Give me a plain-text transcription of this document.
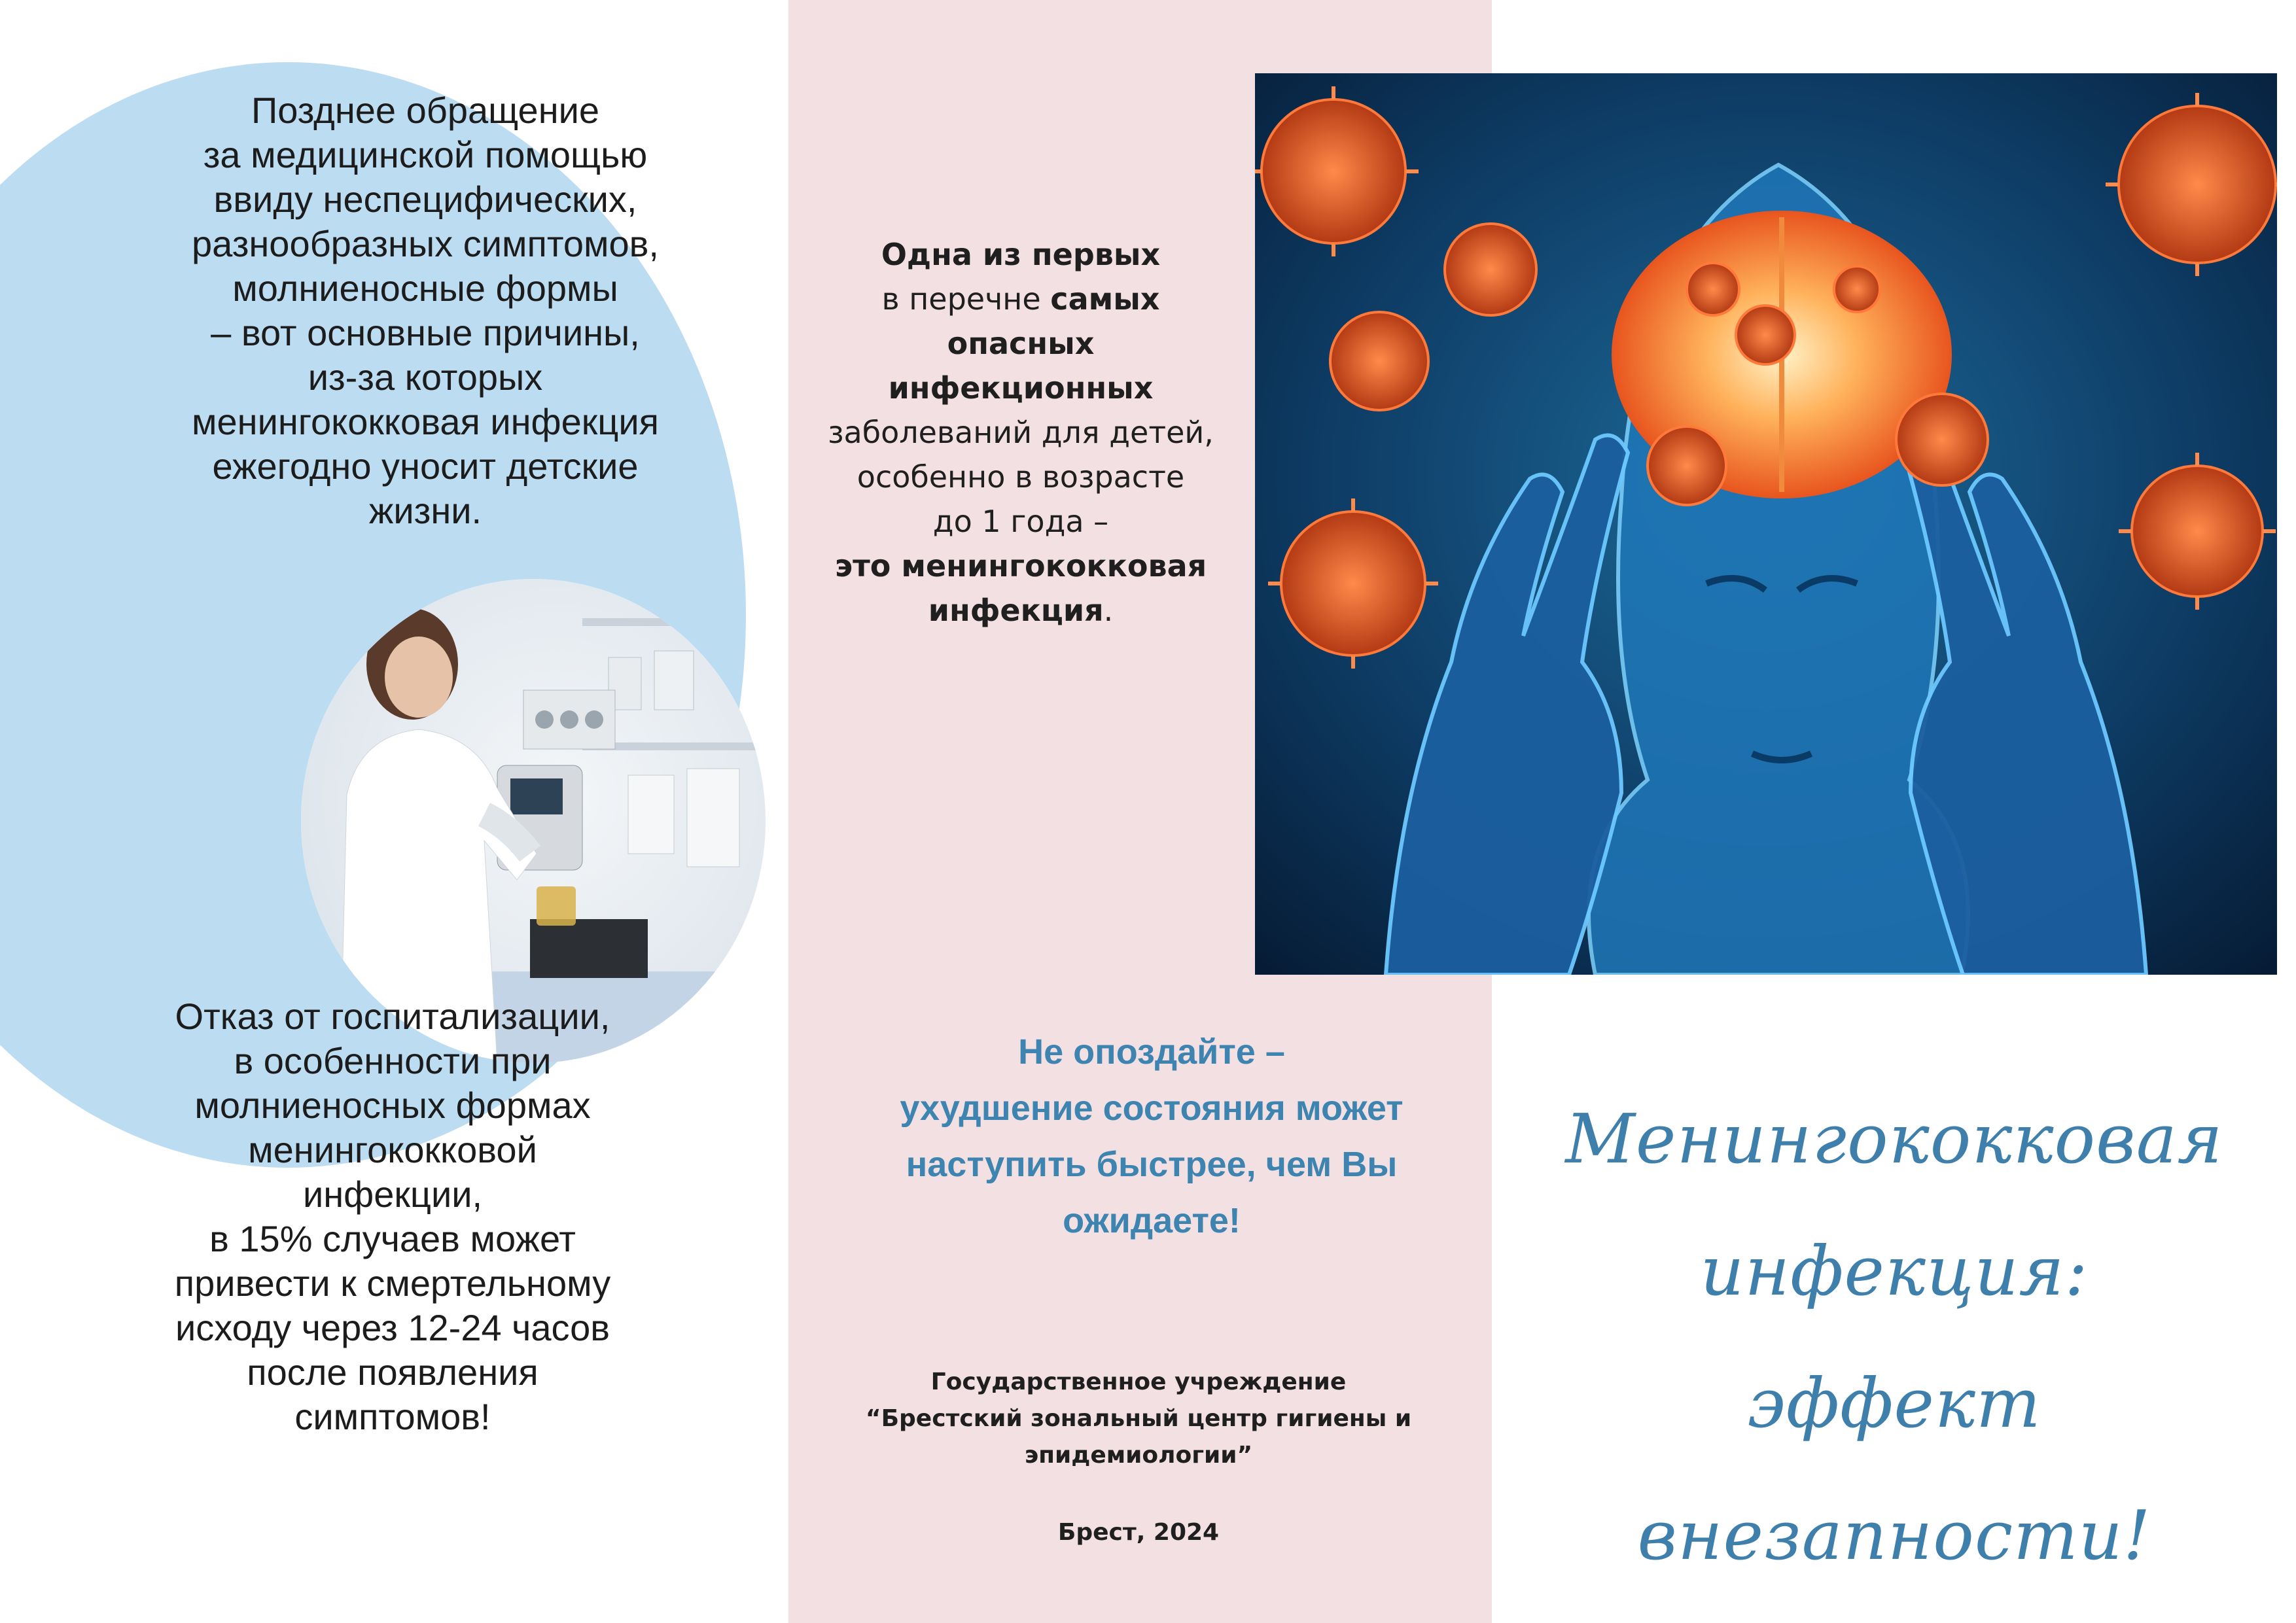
Позднее обращение
за медицинской помощью
ввиду неспецифических,
разнообразных симптомов,
молниеносные формы
– вот основные причины,
из-за которых
менингококковая инфекция
ежегодно уносит детские
жизни.

Отказ от госпитализации,
в особенности при
молниеносных формах
менингококковой
инфекции,
в 15% случаев может
привести к смертельному
исходу через 12-24 часов
после появления
симптомов!

Одна из первых
в перечне самых
опасных
инфекционных
заболеваний для детей,
особенно в возрасте
до 1 года –
это менингококковая
инфекция.

Не опоздайте –
ухудшение состояния может
наступить быстрее, чем Вы
ожидаете!

Государственное учреждение
“Брестский зональный центр гигиены и
эпидемиологии”

Брест, 2024

Менингококковая
инфекция:
эффект внезапности!
